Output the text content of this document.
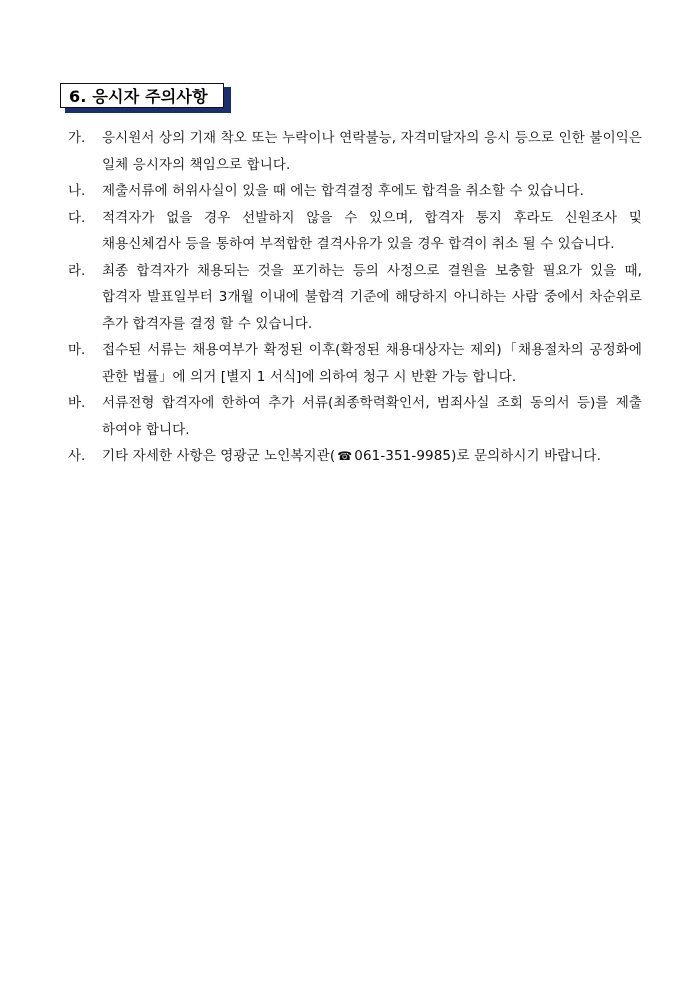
6. 응시자 주의사항
가.	응시원서 상의 기재 착오 또는 누락이나 연락불능, 자격미달자의 응시 등으로 인한 불이익은 일체 응시자의 책임으로 합니다.
나.	제출서류에 허위사실이 있을 때 에는 합격결정 후에도 합격을 취소할 수 있습니다.
다.	적격자가 없을 경우 선발하지 않을 수 있으며, 합격자 통지 후라도 신원조사 및 채용신체검사 등을 통하여 부적합한 결격사유가 있을 경우 합격이 취소 될 수 있습니다.
라.	최종 합격자가 채용되는 것을 포기하는 등의 사정으로 결원을 보충할 필요가 있을 때, 합격자 발표일부터 3개월 이내에 불합격 기준에 해당하지 아니하는 사람 중에서 차순위로 추가 합격자를 결정 할 수 있습니다.
마.	접수된 서류는 채용여부가 확정된 이후(확정된 채용대상자는 제외)「채용절차의 공정화에 관한 법률」에 의거 [별지 1 서식]에 의하여 청구 시 반환 가능 합니다.
바.	서류전형 합격자에 한하여 추가 서류(최종학력확인서, 범죄사실 조회 동의서 등)를 제출 하여야 합니다.
사.	기타 자세한 사항은 영광군 노인복지관( ☎ 061-351-9985)로 문의하시기 바랍니다.
